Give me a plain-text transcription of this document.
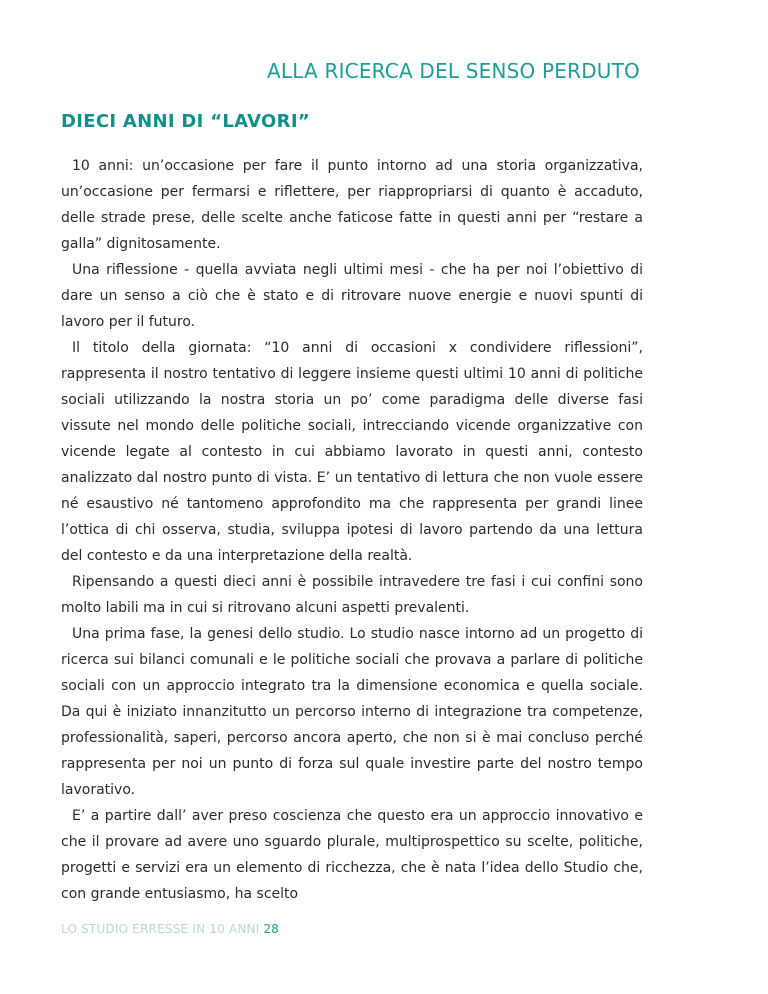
ALLA RICERCA DEL SENSO PERDUTO
DIECI ANNI DI “LAVORI”

10 anni: un’occasione per fare il punto intorno ad una storia organizzativa, un’occasione per fermarsi e riflettere, per riappropriarsi di quanto è accaduto, delle strade prese, delle scelte anche faticose fatte in questi anni per “restare a galla” dignitosamente.

Una riflessione - quella avviata negli ultimi mesi - che ha per noi l’obiettivo di dare un senso a ciò che è stato e di ritrovare nuove energie e nuovi spunti di lavoro per il futuro.

Il titolo della giornata: “10 anni di occasioni x condividere riflessioni”, rappresenta il nostro tentativo di leggere insieme questi ultimi 10 anni di politiche sociali utilizzando la nostra storia un po’ come paradigma delle diverse fasi vissute nel mondo delle politiche sociali, intrecciando vicende organizzative con vicende legate al contesto in cui abbiamo lavorato in questi anni, contesto analizzato dal nostro punto di vista. E’ un tentativo di lettura che non vuole essere né esaustivo né tantomeno approfondito ma che rappresenta per grandi linee l’ottica di chi osserva, studia, sviluppa ipotesi di lavoro partendo da una lettura del contesto e da una interpretazione della realtà.

Ripensando a questi dieci anni è possibile intravedere tre fasi i cui confini sono molto labili ma in cui si ritrovano alcuni aspetti prevalenti.

Una prima fase, la genesi dello studio. Lo studio nasce intorno ad un progetto di ricerca sui bilanci comunali e le politiche sociali che provava a parlare di politiche sociali con un approccio integrato tra la dimensione economica e quella sociale. Da qui è iniziato innanzitutto un percorso interno di integrazione tra competenze, professionalità, saperi, percorso ancora aperto, che non si è mai concluso perché rappresenta per noi un punto di forza sul quale investire parte del nostro tempo lavorativo.

E’ a partire dall’ aver preso coscienza che questo era un approccio innovativo e che il provare ad avere uno sguardo plurale, multiprospettico su scelte, politiche, progetti e servizi era un elemento di ricchezza, che è nata l’idea dello Studio che, con grande entusiasmo, ha scelto

LO STUDIO ERRESSE IN 10 ANNI 28
